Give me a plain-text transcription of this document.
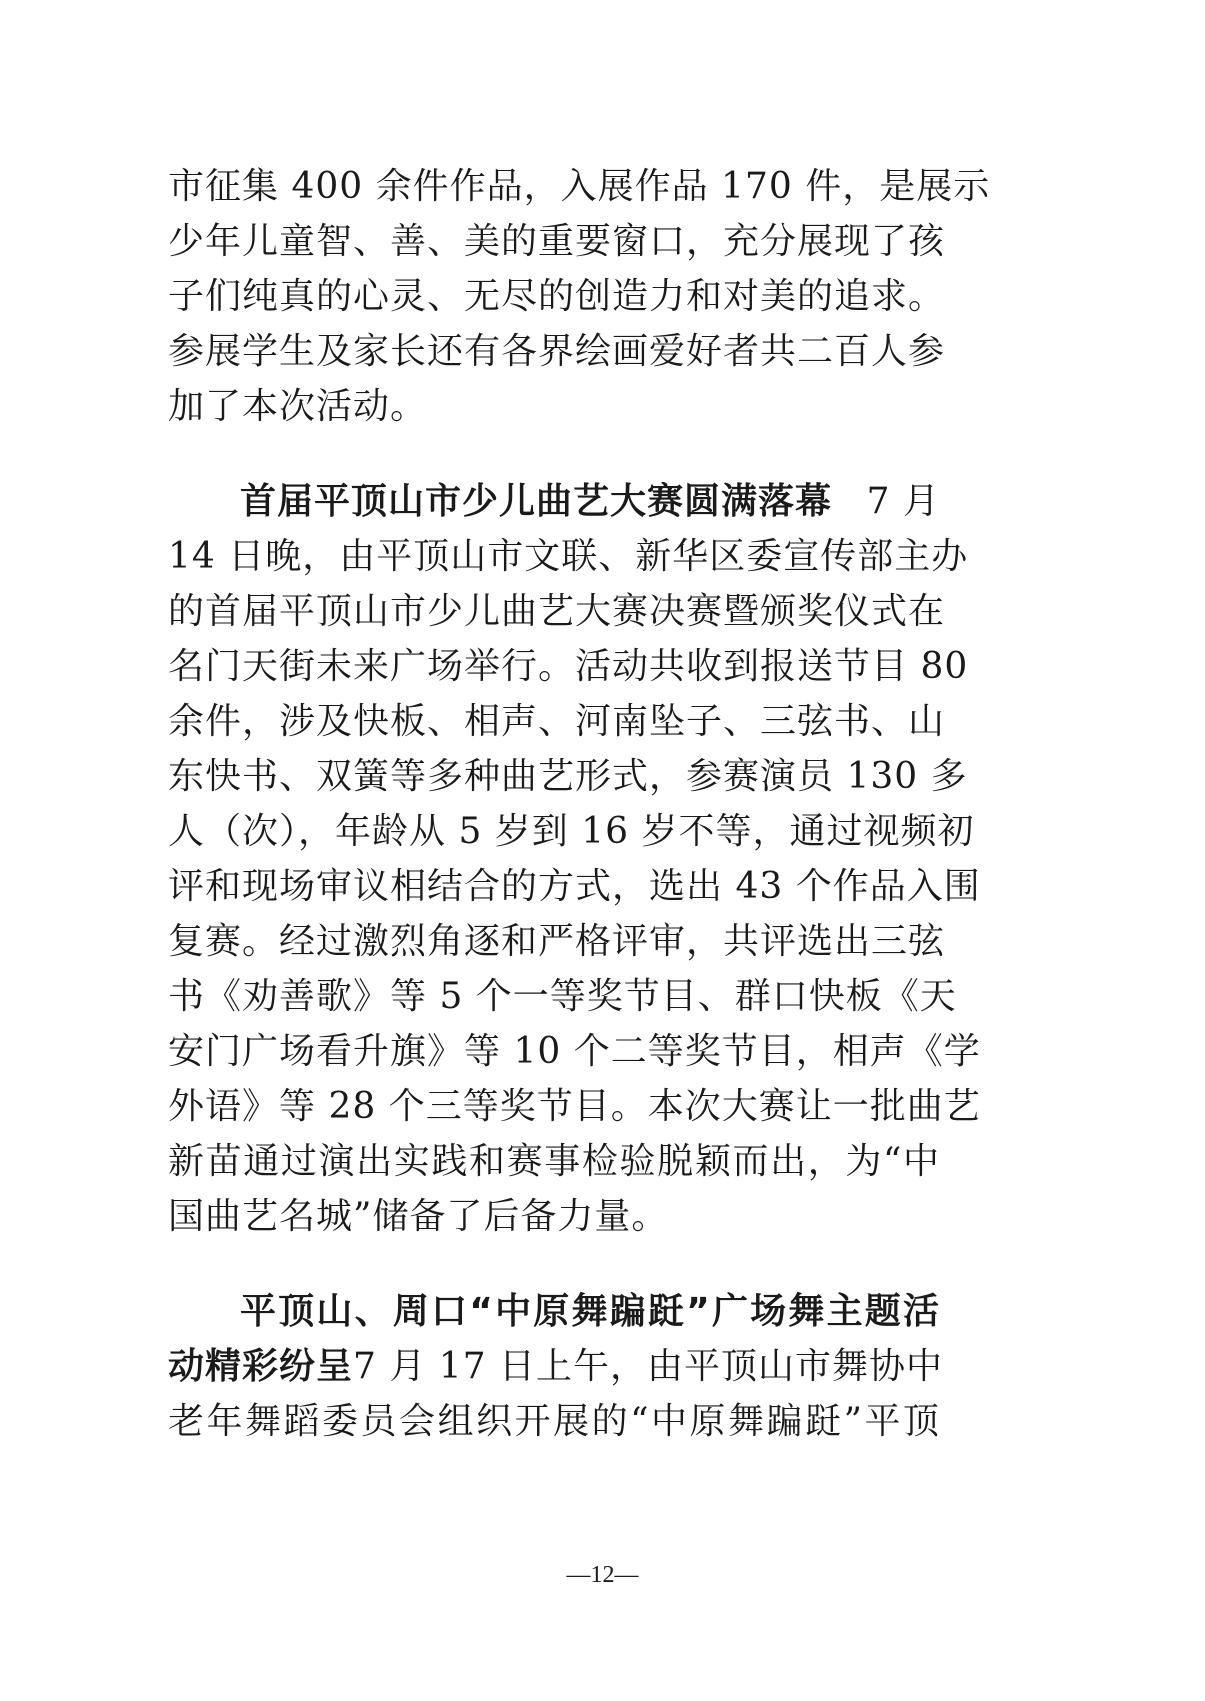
市征集 400 余件作品，入展作品 170 件，是展示
少年儿童智、善、美的重要窗口，充分展现了孩
子们纯真的心灵、无尽的创造力和对美的追求。
参展学生及家长还有各界绘画爱好者共二百人参
加了本次活动。
首届平顶山市少儿曲艺大赛圆满落幕 7 月
14 日晚，由平顶山市文联、新华区委宣传部主办
的首届平顶山市少儿曲艺大赛决赛暨颁奖仪式在
名门天街未来广场举行。活动共收到报送节目 80
余件，涉及快板、相声、河南坠子、三弦书、山
东快书、双簧等多种曲艺形式，参赛演员 130 多
人（次），年龄从 5 岁到 16 岁不等，通过视频初
评和现场审议相结合的方式，选出 43 个作品入围
复赛。经过激烈角逐和严格评审，共评选出三弦
书《劝善歌》等 5 个一等奖节目、群口快板《天
安门广场看升旗》等 10 个二等奖节目，相声《学
外语》等 28 个三等奖节目。本次大赛让一批曲艺
新苗通过演出实践和赛事检验脱颖而出，为“中
国曲艺名城”储备了后备力量。
平顶山、周口“中原舞蹁跹”广场舞主题活
动精彩纷呈 7 月 17 日上午，由平顶山市舞协中
老年舞蹈委员会组织开展的“中原舞蹁跹”平顶
—12—
